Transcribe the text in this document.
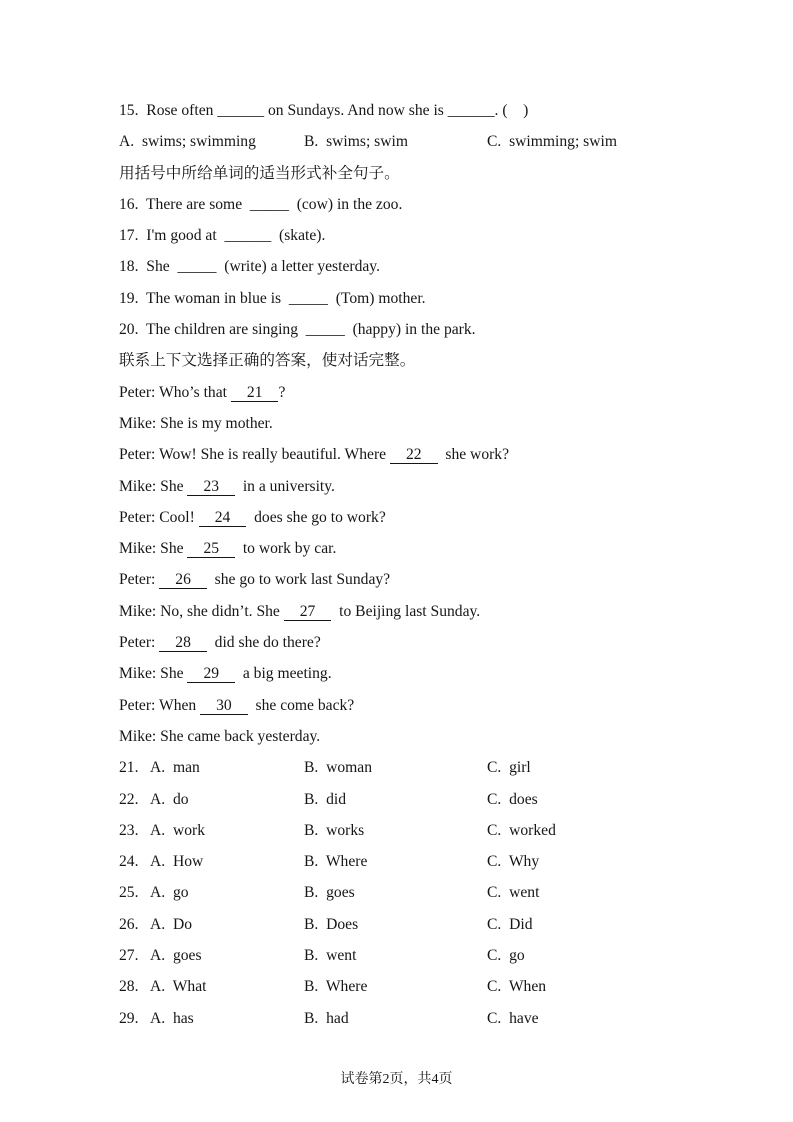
15.  Rose often ______ on Sundays. And now she is ______. (    )
A.  swims; swimming	B.  swims; swim	C.  swimming; swim
用括号中所给单词的适当形式补全句子。
16.  There are some  _____  (cow) in the zoo.
17.  I'm good at  ______  (skate).
18.  She  _____  (write) a letter yesterday.
19.  The woman in blue is  _____  (Tom) mother.
20.  The children are singing  _____  (happy) in the park.
联系上下文选择正确的答案，使对话完整。
Peter: Who’s that 21 ?
Mike: She is my mother.
Peter: Wow! She is really beautiful. Where 22  she work?
Mike: She 23  in a university.
Peter: Cool! 24  does she go to work?
Mike: She 25  to work by car.
Peter: 26  she go to work last Sunday?
Mike: No, she didn’t. She 27  to Beijing last Sunday.
Peter: 28  did she do there?
Mike: She 29  a big meeting.
Peter: When 30  she come back?
Mike: She came back yesterday.
21. A.  man	B.  woman	C.  girl
22. A.  do	B.  did	C.  does
23. A.  work	B.  works	C.  worked
24. A.  How	B.  Where	C.  Why
25. A.  go	B.  goes	C.  went
26. A.  Do	B.  Does	C.  Did
27. A.  goes	B.  went	C.  go
28. A.  What	B.  Where	C.  When
29. A.  has	B.  had	C.  have
试卷第2页，共4页
